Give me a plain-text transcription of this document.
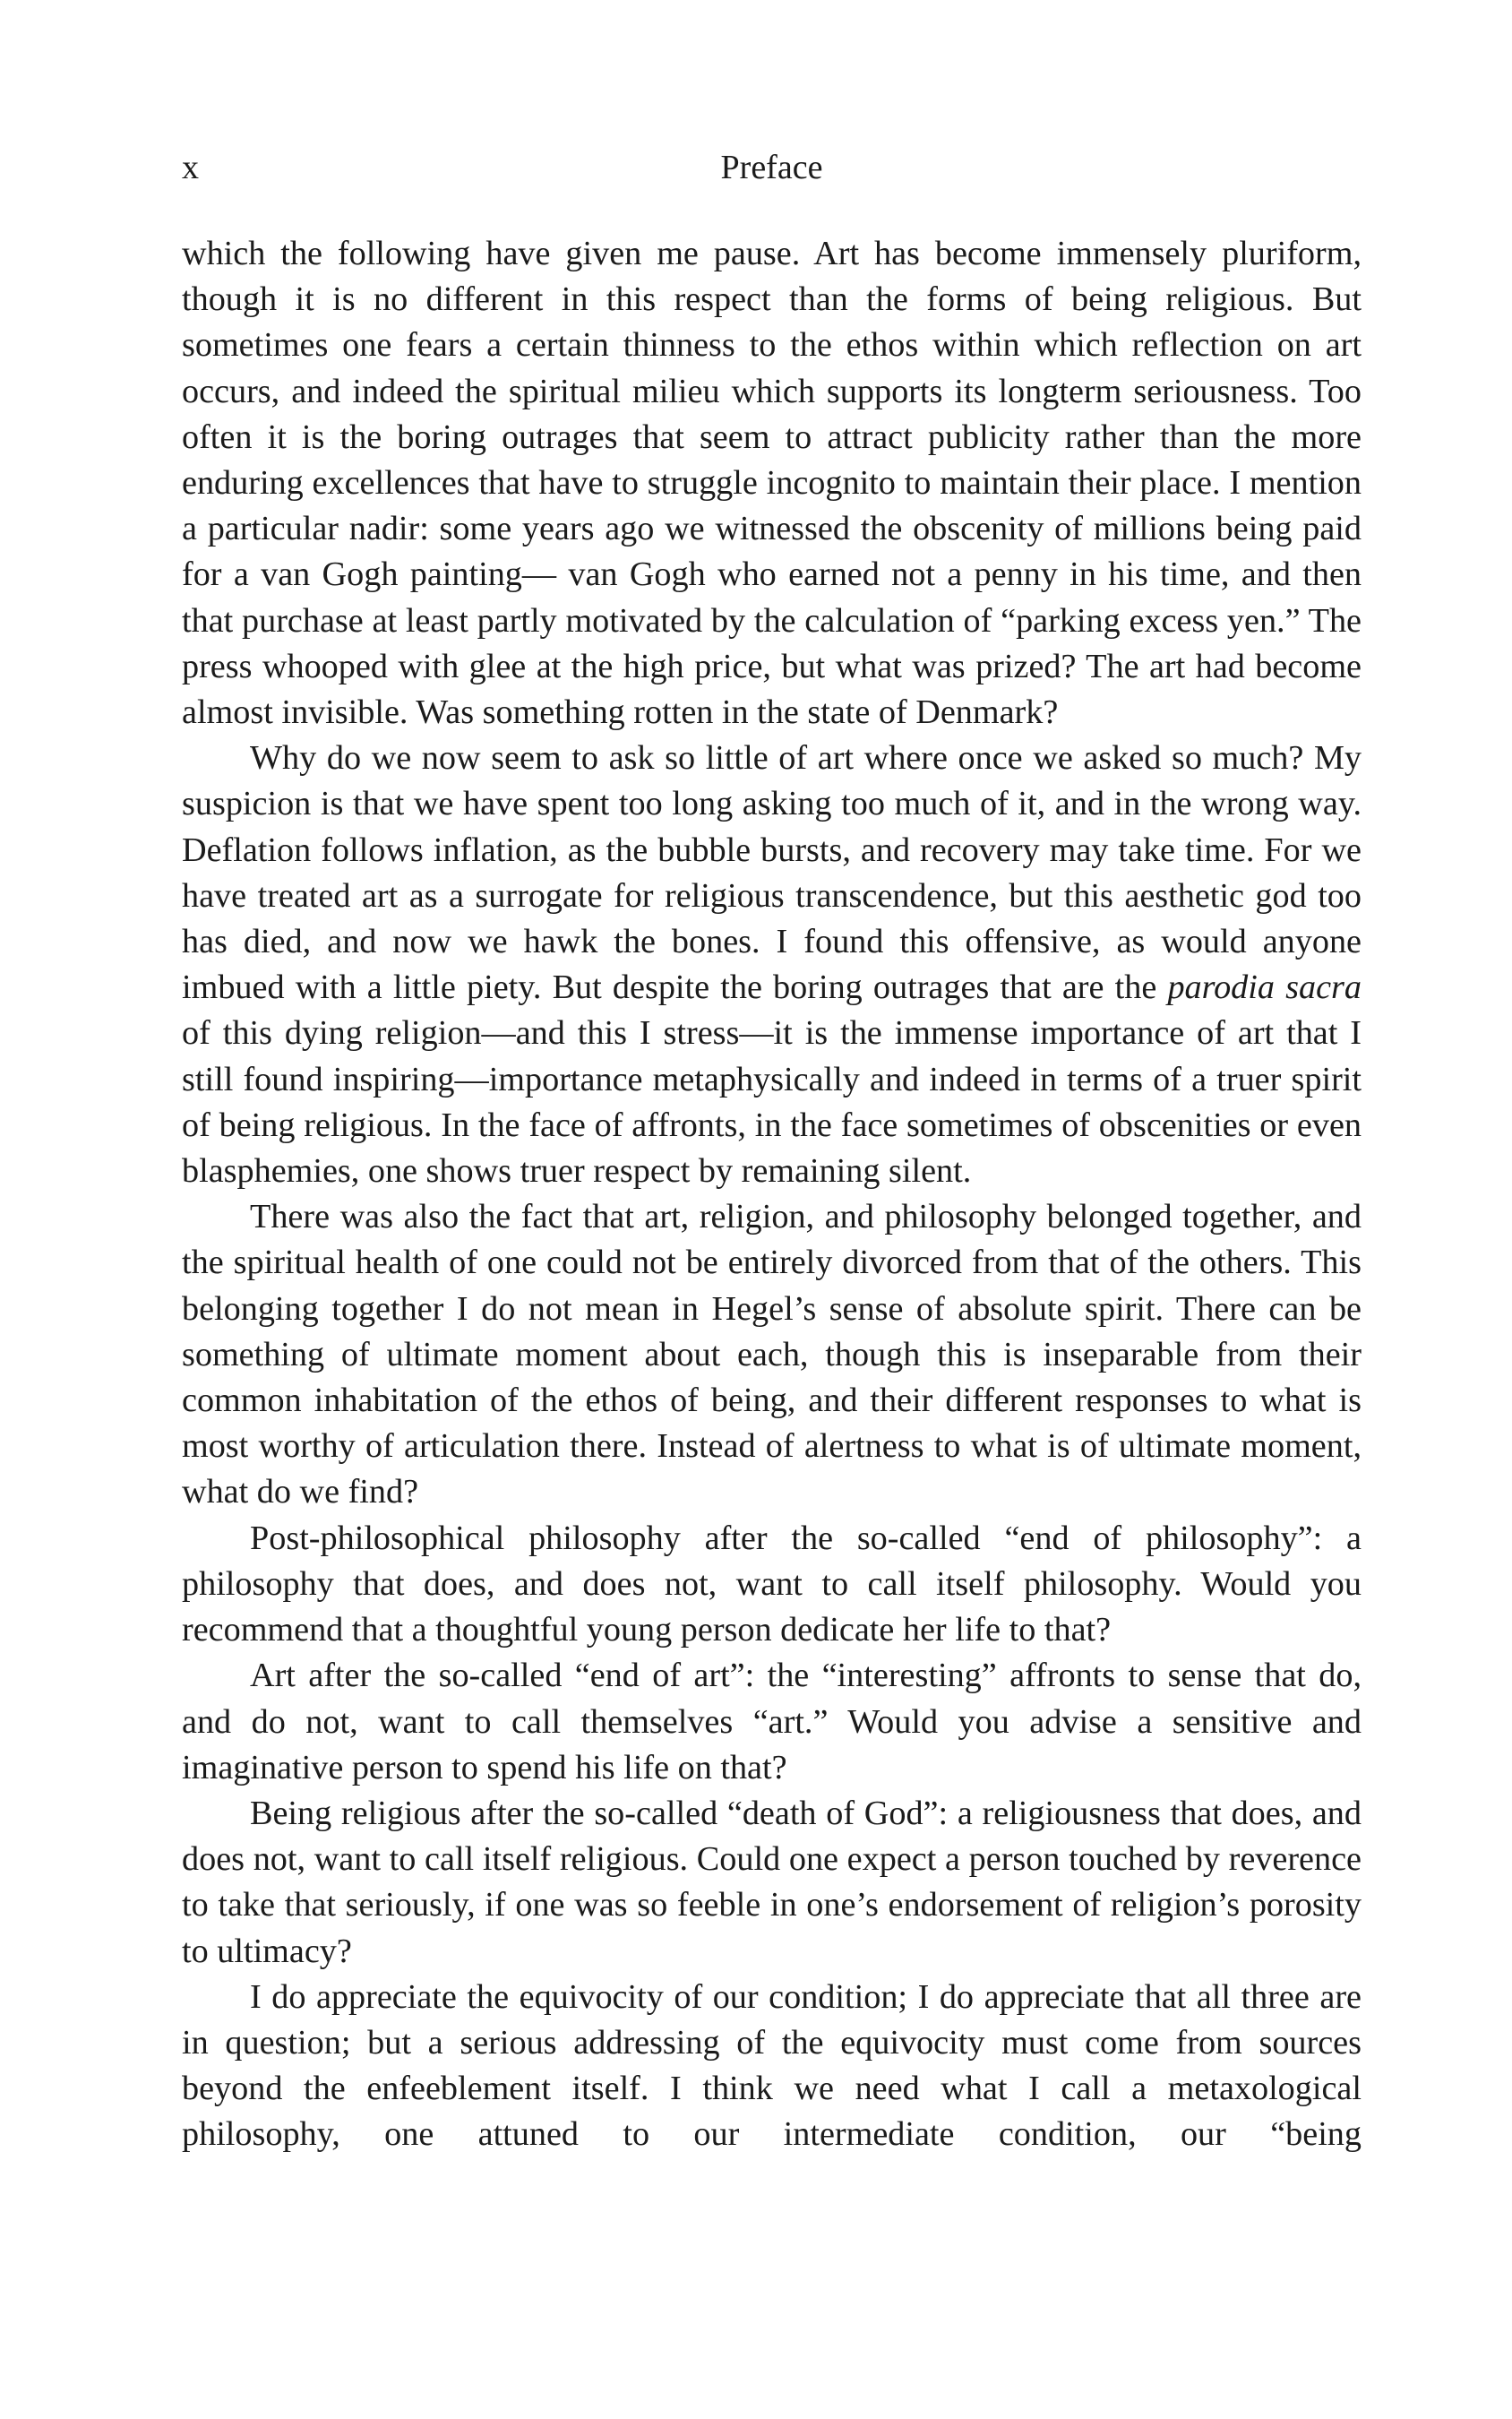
x	Preface

which the following have given me pause. Art has become immensely pluriform, though it is no different in this respect than the forms of being religious. But sometimes one fears a certain thinness to the ethos within which reflection on art occurs, and indeed the spiritual milieu which supports its longterm seriousness. Too often it is the boring outrages that seem to attract publicity rather than the more enduring excellences that have to struggle incognito to maintain their place. I mention a particular nadir: some years ago we witnessed the obscenity of millions being paid for a van Gogh painting— van Gogh who earned not a penny in his time, and then that purchase at least partly motivated by the calculation of “parking excess yen.” The press whooped with glee at the high price, but what was prized? The art had become almost invisible. Was something rotten in the state of Denmark?

Why do we now seem to ask so little of art where once we asked so much? My suspicion is that we have spent too long asking too much of it, and in the wrong way. Deflation follows inflation, as the bubble bursts, and recovery may take time. For we have treated art as a surrogate for religious transcendence, but this aesthetic god too has died, and now we hawk the bones. I found this offensive, as would anyone imbued with a little piety. But despite the boring outrages that are the parodia sacra of this dying religion—and this I stress—it is the immense importance of art that I still found inspiring—importance metaphysically and indeed in terms of a truer spirit of being religious. In the face of affronts, in the face sometimes of obscenities or even blasphemies, one shows truer respect by remaining silent.

There was also the fact that art, religion, and philosophy belonged together, and the spiritual health of one could not be entirely divorced from that of the others. This belonging together I do not mean in Hegel’s sense of absolute spirit. There can be something of ultimate moment about each, though this is inseparable from their common inhabitation of the ethos of being, and their different responses to what is most worthy of articulation there. Instead of alertness to what is of ultimate moment, what do we find?

Post-philosophical philosophy after the so-called “end of philosophy”: a philosophy that does, and does not, want to call itself philosophy. Would you recommend that a thoughtful young person dedicate her life to that?

Art after the so-called “end of art”: the “interesting” affronts to sense that do, and do not, want to call themselves “art.” Would you advise a sensitive and imaginative person to spend his life on that?

Being religious after the so-called “death of God”: a religiousness that does, and does not, want to call itself religious. Could one expect a person touched by reverence to take that seriously, if one was so feeble in one’s endorsement of religion’s porosity to ultimacy?

I do appreciate the equivocity of our condition; I do appreciate that all three are in question; but a serious addressing of the equivocity must come from sources beyond the enfeeblement itself. I think we need what I call a metaxological philosophy, one attuned to our intermediate condition, our “being
